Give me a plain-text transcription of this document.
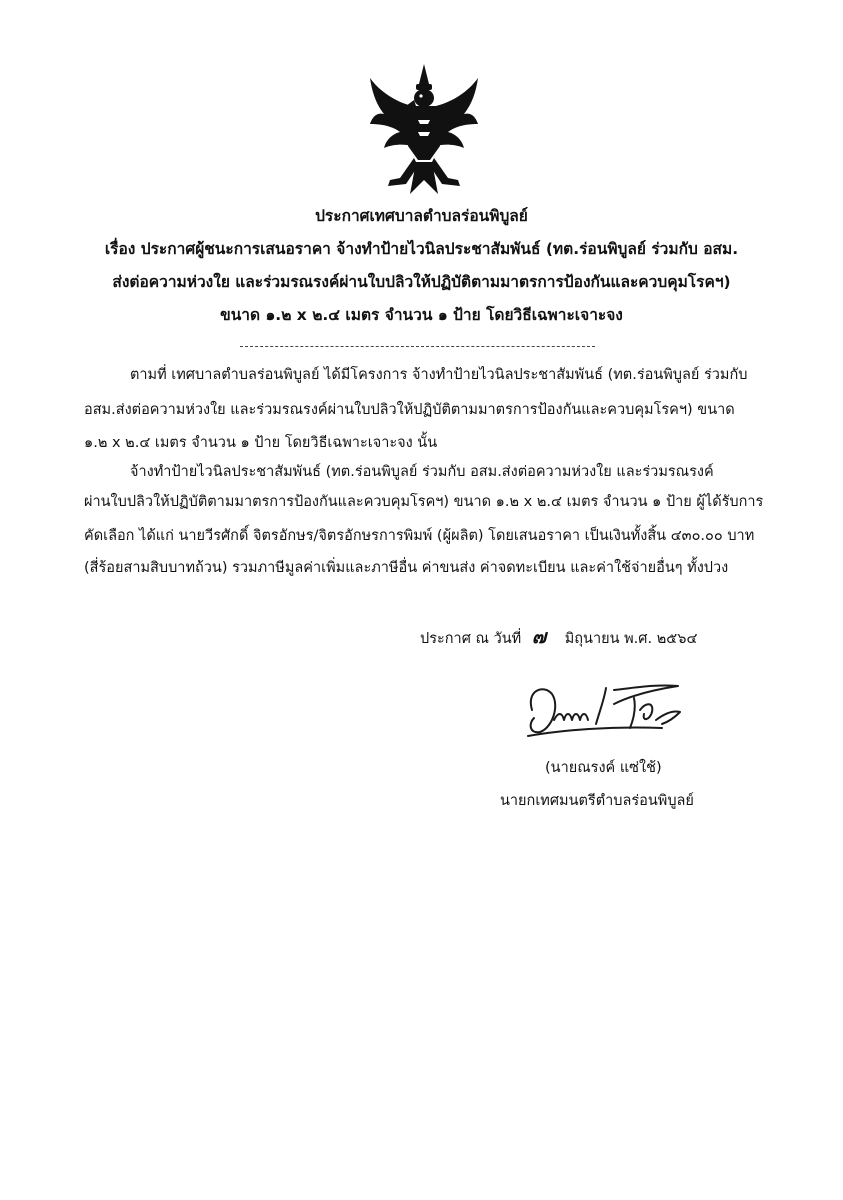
ประกาศเทศบาลตำบลร่อนพิบูลย์
เรื่อง ประกาศผู้ชนะการเสนอราคา จ้างทำป้ายไวนิลประชาสัมพันธ์ (ทต.ร่อนพิบูลย์ ร่วมกับ อสม.
ส่งต่อความห่วงใย และร่วมรณรงค์ผ่านใบปลิวให้ปฏิบัติตามมาตรการป้องกันและควบคุมโรคฯ)
ขนาด ๑.๒ x ๒.๔ เมตร จำนวน ๑ ป้าย โดยวิธีเฉพาะเจาะจง
ตามที่ เทศบาลตำบลร่อนพิบูลย์ ได้มีโครงการ จ้างทำป้ายไวนิลประชาสัมพันธ์ (ทต.ร่อนพิบูลย์ ร่วมกับ
อสม.ส่งต่อความห่วงใย และร่วมรณรงค์ผ่านใบปลิวให้ปฏิบัติตามมาตรการป้องกันและควบคุมโรคฯ) ขนาด
๑.๒ x ๒.๔ เมตร จำนวน ๑ ป้าย โดยวิธีเฉพาะเจาะจง นั้น
จ้างทำป้ายไวนิลประชาสัมพันธ์ (ทต.ร่อนพิบูลย์ ร่วมกับ อสม.ส่งต่อความห่วงใย และร่วมรณรงค์
ผ่านใบปลิวให้ปฏิบัติตามมาตรการป้องกันและควบคุมโรคฯ) ขนาด ๑.๒ x ๒.๔ เมตร จำนวน ๑ ป้าย ผู้ได้รับการ
คัดเลือก ได้แก่ นายวีรศักดิ์ จิตรอักษร/จิตรอักษรการพิมพ์ (ผู้ผลิต) โดยเสนอราคา เป็นเงินทั้งสิ้น ๔๓๐.๐๐ บาท
(สี่ร้อยสามสิบบาทถ้วน) รวมภาษีมูลค่าเพิ่มและภาษีอื่น ค่าขนส่ง ค่าจดทะเบียน และค่าใช้จ่ายอื่นๆ ทั้งปวง
ประกาศ ณ วันที่ ๗ มิถุนายน พ.ศ. ๒๕๖๔
(นายณรงค์ แซ่ใช้)
นายกเทศมนตรีตำบลร่อนพิบูลย์
